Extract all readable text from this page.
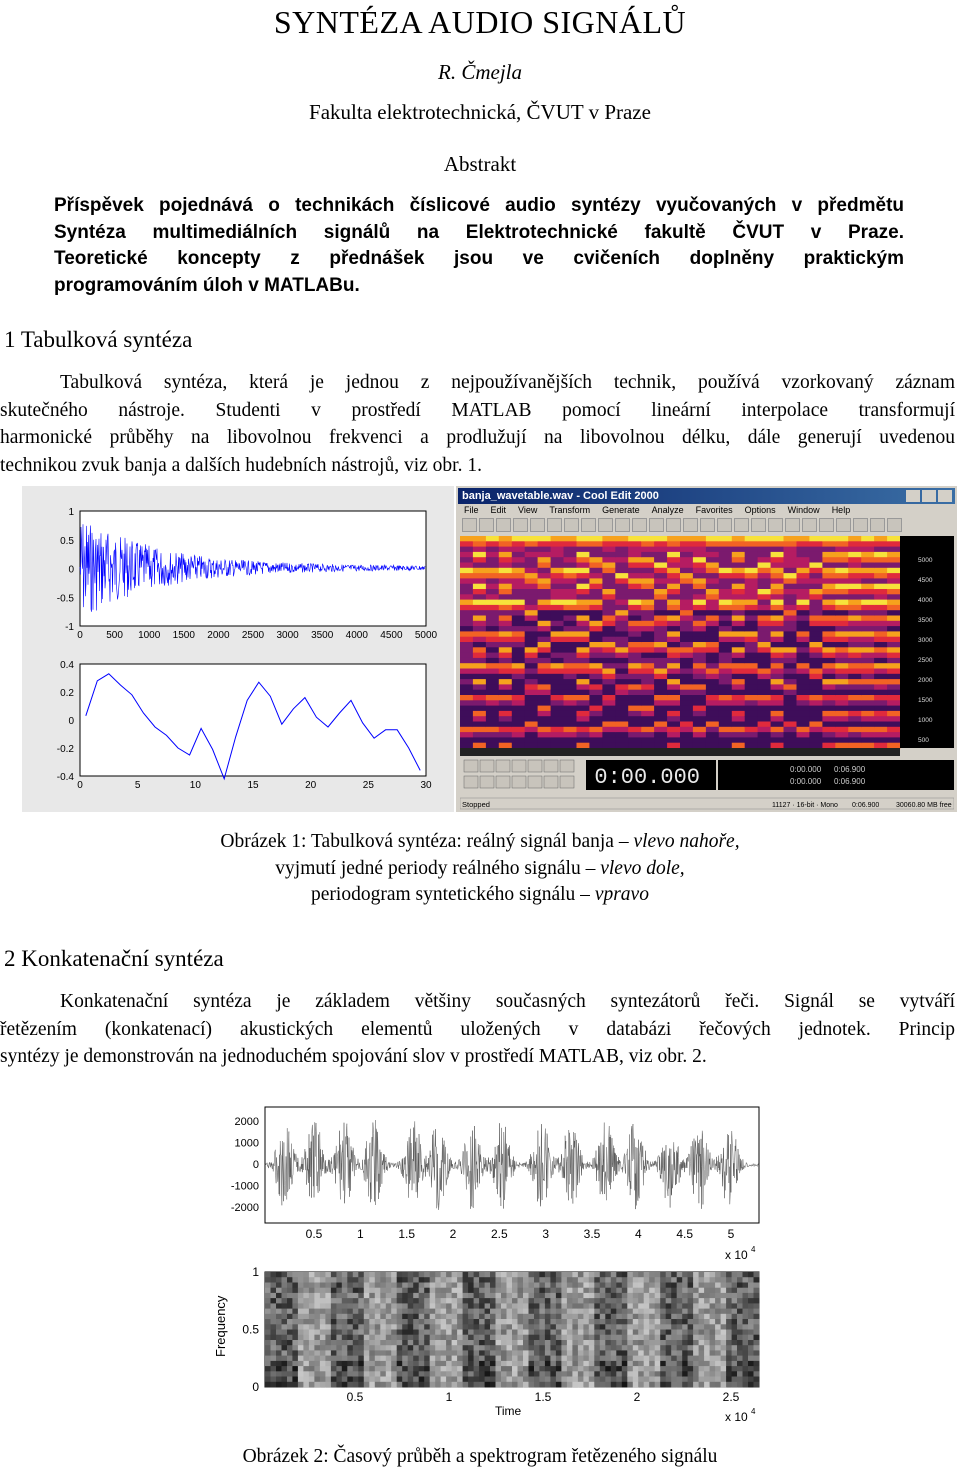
SYNTÉZA AUDIO SIGNÁLŮ
R. Čmejla
Fakulta elektrotechnická, ČVUT v Praze
Abstrakt
Příspěvek pojednává o technikách číslicové audio syntézy vyučovaných v předmětu
Syntéza multimediálních signálů na Elektrotechnické fakultě ČVUT v Praze.
Teoretické koncepty z přednášek jsou ve cvičeních doplněny praktickým
programováním úloh v MATLABu.
1 Tabulková syntéza
Tabulková syntéza, která je jednou z nejpoužívanějších technik, používá vzorkovaný záznam
skutečného nástroje. Studenti v prostředí MATLAB pomocí lineární interpolace transformují
harmonické průběhy na libovolnou frekvenci a prodlužují na libovolnou délku, dále generují uvedenou
technikou zvuk banja a dalších hudebních nástrojů, viz obr. 1.
1
0.5
0
-0.5
-1
0 500 1000 1500 2000 2500 3000 3500 4000 4500 5000
0.4
0.2
0
-0.2
-0.4
0	5	10	15	20	25	30
banja_wavetable.wav - Cool Edit 2000
File Edit View Transform Generate Analyze Favorites Options Window Help
5000
4500
4000
3500
3000
2500
2000
1500
1000
500
0:00.000	0:00.000 0:06.900
0:00.000 0:06.900
Stopped	11127 · 16-bit · Mono 0:06.900 30060.80 MB free
Obrázek 1: Tabulková syntéza: reálný signál banja – vlevo nahoře,
vyjmutí jedné periody reálného signálu – vlevo dole,
periodogram syntetického signálu – vpravo
2 Konkatenační syntéza
Konkatenační syntéza je základem většiny současných syntezátorů řeči. Signál se vytváří
řetězením (konkatenací) akustických elementů uložených v databázi řečových jednotek. Princip
syntézy je demonstrován na jednoduchém spojování slov v prostředí MATLAB, viz obr. 2.
2000
1000
0
-1000
-2000
0.5	1	1.5	2	2.5	3	3.5	4	4.5	5
x 10 4
1
0.5
0
0.5	1	1.5	2	2.5
Frequency
Time	x 10 4
Obrázek 2: Časový průběh a spektrogram řetězeného signálu
